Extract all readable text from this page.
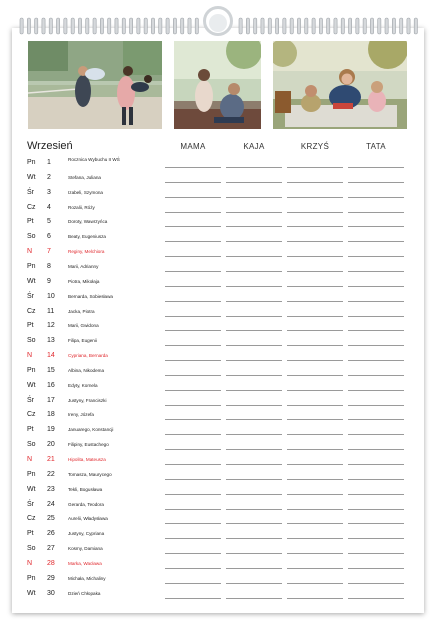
Wrzesień	MAMA	KAJA	KRZYŚ	TATA
Pn 1	Rocznica Wybuchu II WŚ
Wt 2	Stefana, Juliana
Śr 3	Izabeli, Szymona
Cz 4	Rozalii, Róży
Pt 5	Doroty, Wawrzyńca
So 6	Beaty, Eugeniusza
N 7	Reginy, Melchiora
Pn 8	Marii, Adrianny
Wt 9	Piotra, Mikołaja
Śr 10	Bernarda, Sobiesława
Cz 11	Jacka, Piotra
Pt 12	Marii, Gwidona
So 13	Filipa, Eugenii
N 14	Cypriana, Bernarda
Pn 15	Albina, Nikodema
Wt 16	Edyty, Kornela
Śr 17	Justyny, Franciszki
Cz 18	Ireny, Józefa
Pt 19	Januarego, Konstancji
So 20	Filipiny, Eustachego
N 21	Hipolita, Mateusza
Pn 22	Tomasza, Maurycego
Wt 23	Tekli, Bogusława
Śr 24	Gerarda, Teodora
Cz 25	Aurelii, Władysława
Pt 26	Justyny, Cypriana
So 27	Kosmy, Damiana
N 28	Marka, Wacława
Pn 29	Michała, Michaliny
Wt 30	Dzień Chłopaka
